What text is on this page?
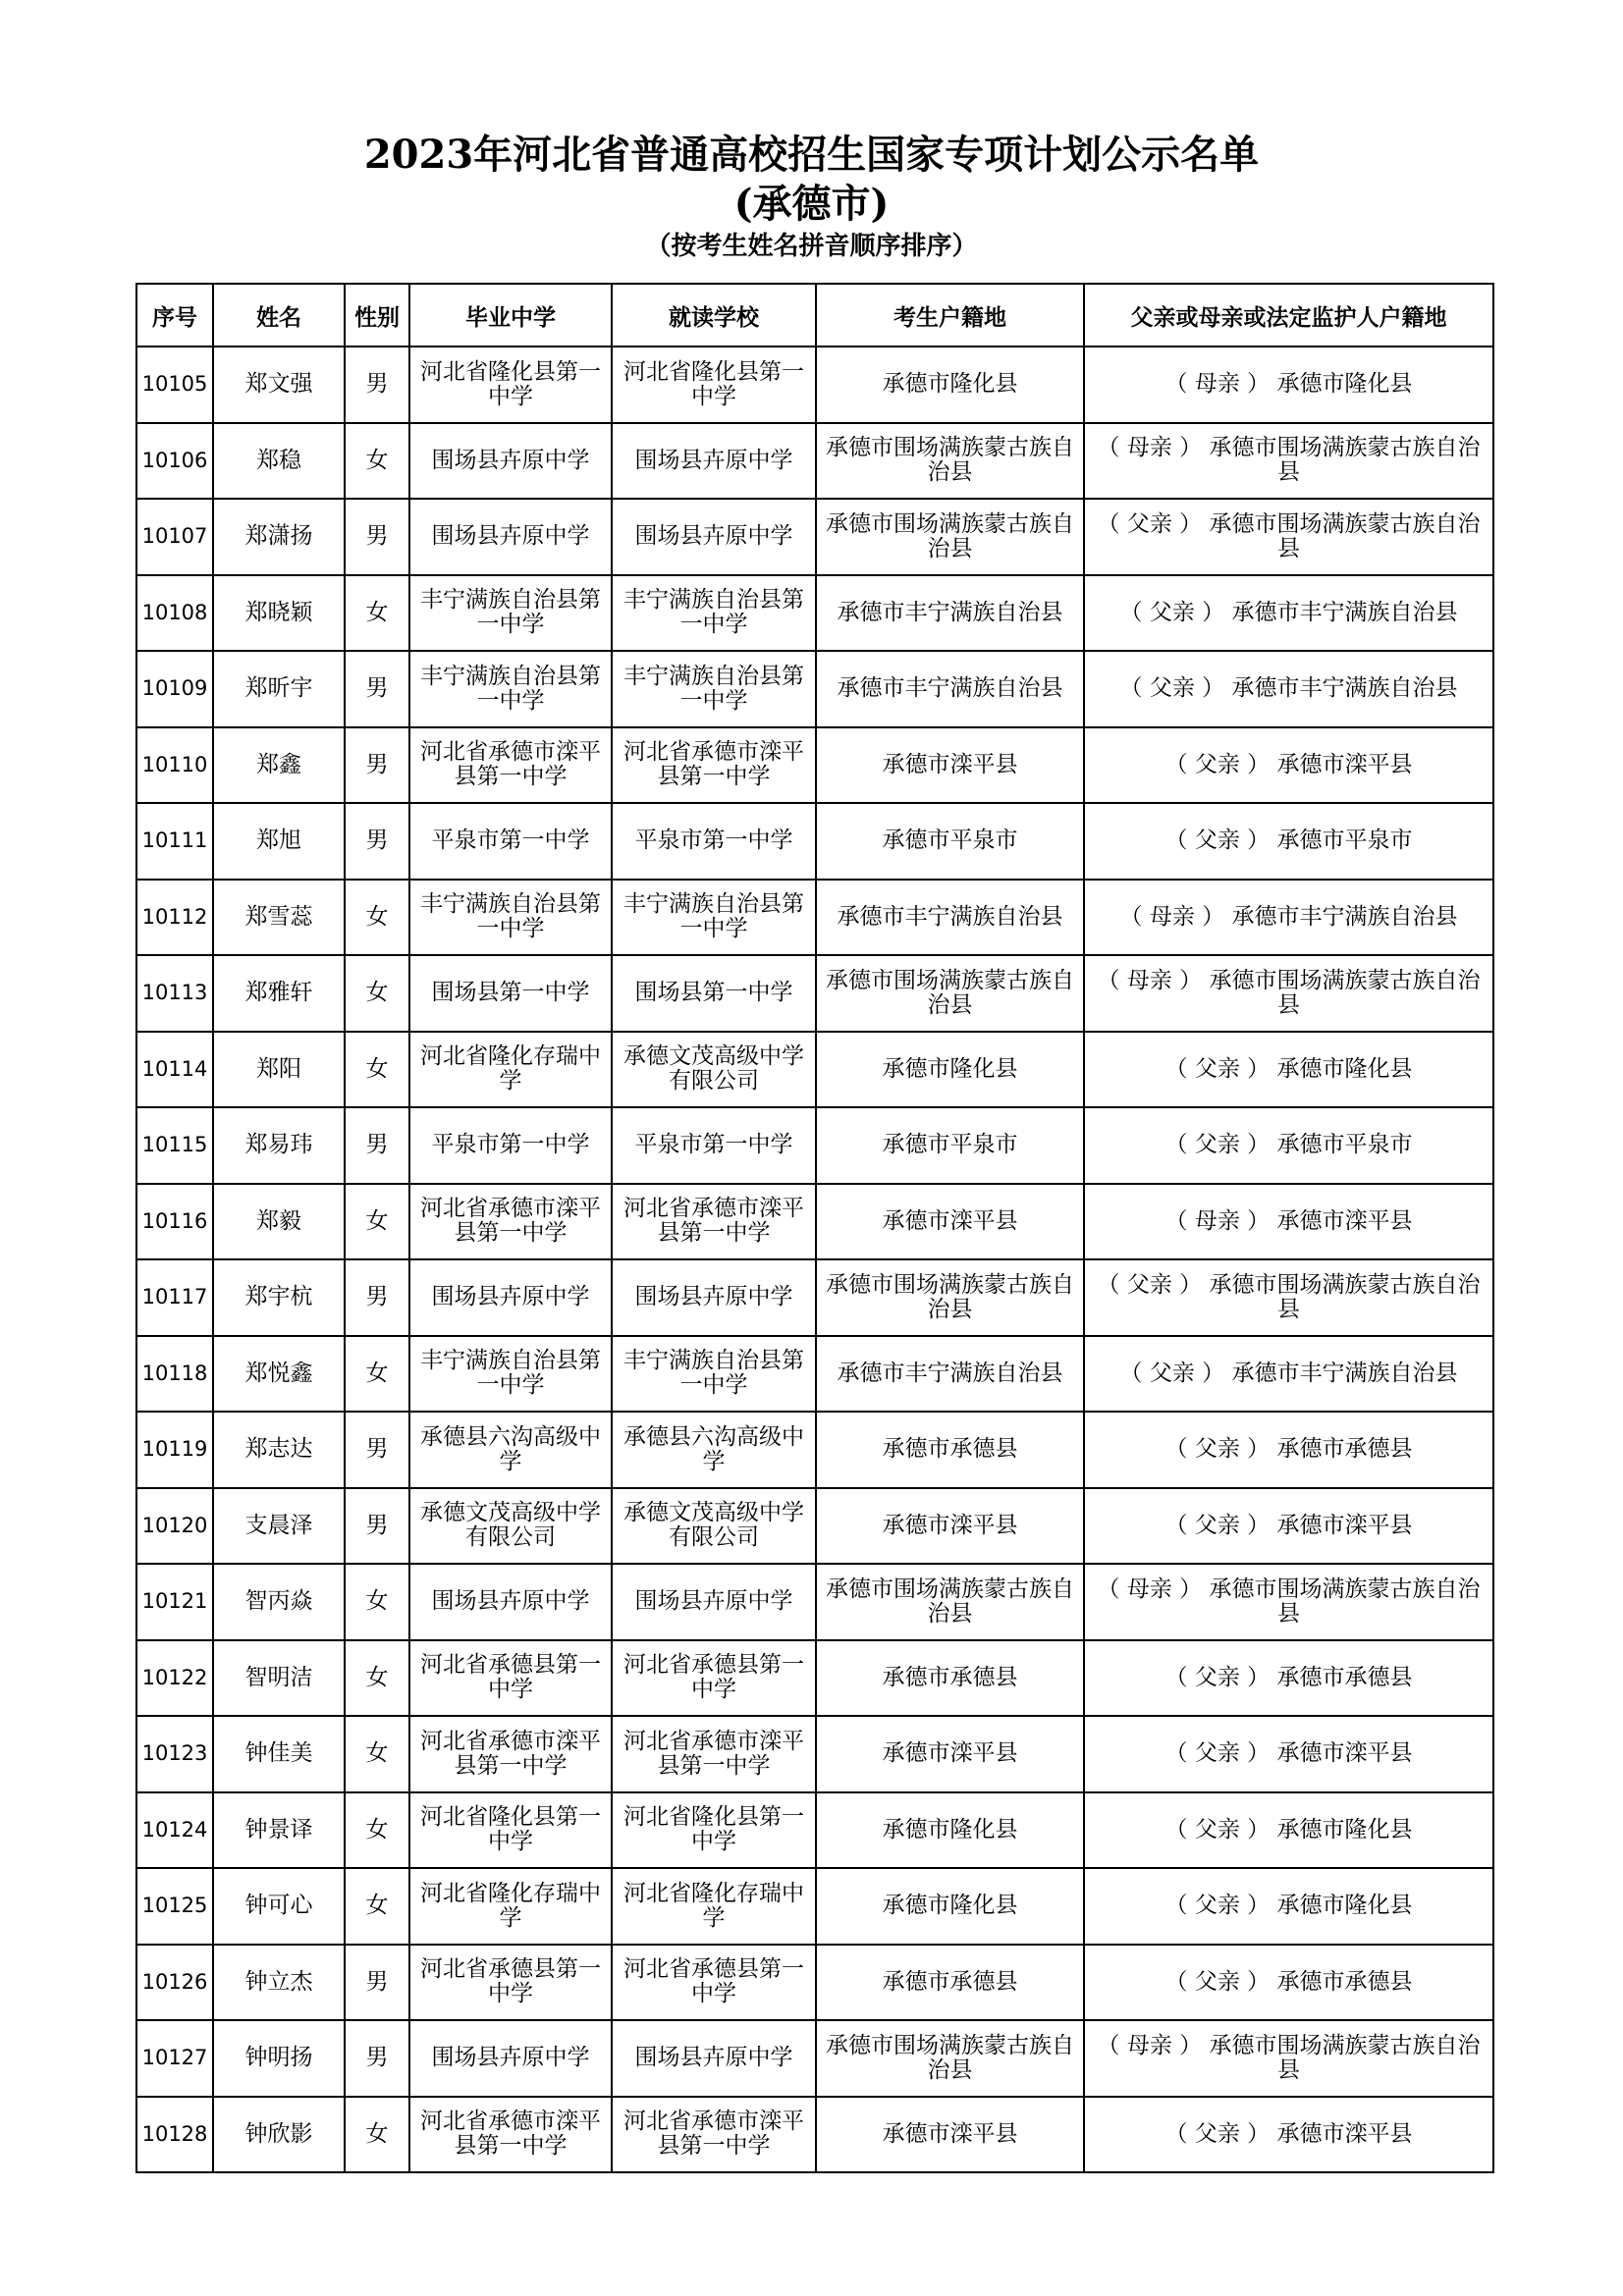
2023年河北省普通高校招生国家专项计划公示名单
(承德市)
（按考生姓名拼音顺序排序）
序号	姓名	性别	毕业中学	就读学校	考生户籍地	父亲或母亲或法定监护人户籍地
10105	郑文强	男	河北省隆化县第一中学	河北省隆化县第一中学	承德市隆化县	（ 母亲 ） 承德市隆化县
10106	郑稳	女	围场县卉原中学	围场县卉原中学	承德市围场满族蒙古族自治县	（ 母亲 ） 承德市围场满族蒙古族自治县
10107	郑潇扬	男	围场县卉原中学	围场县卉原中学	承德市围场满族蒙古族自治县	（ 父亲 ） 承德市围场满族蒙古族自治县
10108	郑晓颖	女	丰宁满族自治县第一中学	丰宁满族自治县第一中学	承德市丰宁满族自治县	（ 父亲 ） 承德市丰宁满族自治县
10109	郑昕宇	男	丰宁满族自治县第一中学	丰宁满族自治县第一中学	承德市丰宁满族自治县	（ 父亲 ） 承德市丰宁满族自治县
10110	郑鑫	男	河北省承德市滦平县第一中学	河北省承德市滦平县第一中学	承德市滦平县	（ 父亲 ） 承德市滦平县
10111	郑旭	男	平泉市第一中学	平泉市第一中学	承德市平泉市	（ 父亲 ） 承德市平泉市
10112	郑雪蕊	女	丰宁满族自治县第一中学	丰宁满族自治县第一中学	承德市丰宁满族自治县	（ 母亲 ） 承德市丰宁满族自治县
10113	郑雅轩	女	围场县第一中学	围场县第一中学	承德市围场满族蒙古族自治县	（ 母亲 ） 承德市围场满族蒙古族自治县
10114	郑阳	女	河北省隆化存瑞中学	承德文茂高级中学有限公司	承德市隆化县	（ 父亲 ） 承德市隆化县
10115	郑易玮	男	平泉市第一中学	平泉市第一中学	承德市平泉市	（ 父亲 ） 承德市平泉市
10116	郑毅	女	河北省承德市滦平县第一中学	河北省承德市滦平县第一中学	承德市滦平县	（ 母亲 ） 承德市滦平县
10117	郑宇杭	男	围场县卉原中学	围场县卉原中学	承德市围场满族蒙古族自治县	（ 父亲 ） 承德市围场满族蒙古族自治县
10118	郑悦鑫	女	丰宁满族自治县第一中学	丰宁满族自治县第一中学	承德市丰宁满族自治县	（ 父亲 ） 承德市丰宁满族自治县
10119	郑志达	男	承德县六沟高级中学	承德县六沟高级中学	承德市承德县	（ 父亲 ） 承德市承德县
10120	支晨泽	男	承德文茂高级中学有限公司	承德文茂高级中学有限公司	承德市滦平县	（ 父亲 ） 承德市滦平县
10121	智丙焱	女	围场县卉原中学	围场县卉原中学	承德市围场满族蒙古族自治县	（ 母亲 ） 承德市围场满族蒙古族自治县
10122	智明洁	女	河北省承德县第一中学	河北省承德县第一中学	承德市承德县	（ 父亲 ） 承德市承德县
10123	钟佳美	女	河北省承德市滦平县第一中学	河北省承德市滦平县第一中学	承德市滦平县	（ 父亲 ） 承德市滦平县
10124	钟景译	女	河北省隆化县第一中学	河北省隆化县第一中学	承德市隆化县	（ 父亲 ） 承德市隆化县
10125	钟可心	女	河北省隆化存瑞中学	河北省隆化存瑞中学	承德市隆化县	（ 父亲 ） 承德市隆化县
10126	钟立杰	男	河北省承德县第一中学	河北省承德县第一中学	承德市承德县	（ 父亲 ） 承德市承德县
10127	钟明扬	男	围场县卉原中学	围场县卉原中学	承德市围场满族蒙古族自治县	（ 母亲 ） 承德市围场满族蒙古族自治县
10128	钟欣影	女	河北省承德市滦平县第一中学	河北省承德市滦平县第一中学	承德市滦平县	（ 父亲 ） 承德市滦平县
